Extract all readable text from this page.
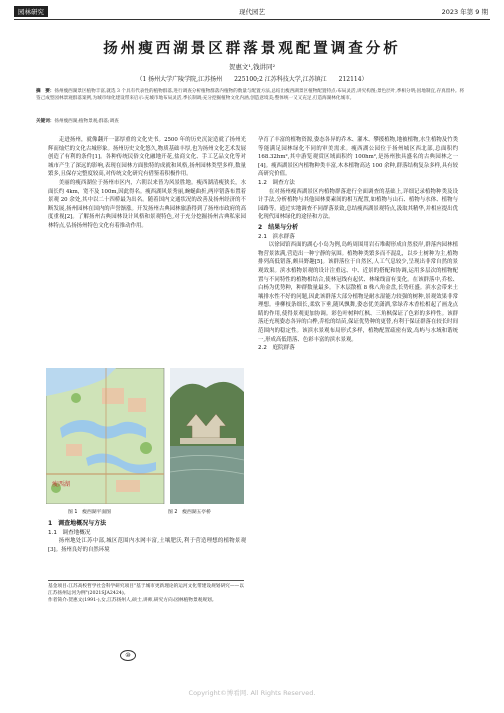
园林研究	现代园艺	2023 年第 9 期
扬州瘦西湖景区群落景观配置调查分析
贺惠文¹,钱讲同²
（1 扬州大学广陵学院,江苏扬州　　225100;2 江苏科技大学,江苏镇江　　212114）
摘　要：扬州瘦西湖景区植物丰富,就选 3 个具有代表性的植物群落,进行调查分析植物群落内植物的数量与配置方法,总结出瘦西湖景区植物配置特点:布局灵活,讲究构图;景色层叶,季相分明;因地制宜,存真留朴。将签己成型园林景观群落案例,为城市绿化建设带来启示:充城市地布局灵活,季长制调;充分挖掘植物文化内涵,创造意境美;整体统一又又充足,打造海湖林化城市。
关键词：扬州瘦西湖;植物景观;群落;调查

走进扬州，就像翻开一部厚重的文化史书。2500 年的历史沉淀造就了扬州光辉而灿烂的文化古城形象。扬州历史文化悠久,物质基础丰厚,也为扬州文化艺术发展创造了有利的条件[1]。各种传统民俗文化融地开花,盐商文化、手工艺品文化等对城市产生了深远的影响,表现在园林方面独特的成就和风格,扬州园林类型多样,数量繁多,且保存完整度较高,对传统文化研究有借鉴着积极作用。

美丽的瘦西湖位于扬州市区内，六朝以来皆为风景胜地。瘦西湖清瘦狭长，水面长约 4km，宽不及 100m,因此得名。瘦西湖风景秀丽,蜿蜒曲折,两岸错落布置着景观 20 余处,其中以二十四桥最为出名。随着国内文通状况的改善及扬州经济的不断发展,扬州园林在国内的声誉渐涨。开发扬州古典园林旅游得到了扬州市政府的高度重视[2]。了解扬州古典园林设计风格和景观特色,对于充分挖掘扬州古典私家园林特点,弘扬扬州特色文化有着推动作用。

瘦西湖
图 1　瘦西湖平面图	图 2　瘦西湖五亭桥
1　调查地概况与方法
1.1　调查地概况

扬州地处江苏中部,城区范围内水网丰富,土壤肥沃,利于营造理想的植物景观[3]。扬州良好的自然环境

基金项目:江苏高校哲学社会科学研究项目"基于城市更新理论的运河文化带建设规划研究——以江苏扬州运河为例"(2021SJA2424)。
作者简介:贺惠文(1991-),女,江苏扬州人,硕士,讲师,研究方向:园林植物景观规划。
⑩

孕育了丰富的植物资源,姿态各异的乔木、灌木、攀援植物,地被植物,水生植物及竹类等能满足园林绿化不同的审美需求。瘦西湖公园位于扬州城区西北部,总面积约 168.32hm²,其中游览观赏区域面积约 100hm²,是扬州独具盛名的古典园林之一[4]。瘦西湖景区内植物种类丰富,木本植物高达 100 余种,群落结构复杂多样,具有较高研究价值。

1.2　调查方法

在对扬州瘦西湖景区内植物群落进行全面调查的基础上,详细记录植物种类及设计手法,分析植物与其他园林要素间的相互配置,如植物与山石、植物与水体、植物与园路等。通过实地调查不同群落景致,总结瘦西湖景观特点,汲取其精华,并相应提出优化现代园林绿化的途径和方法。

2　结果与分析
2.1　滨水群落

以徐园馆西面的湖心小岛为例,岛屿周围用岩石堆砌形成自然驳岸,群落内园林植物营景浓满,营造出一种宁静的氛围。植物种类繁多而不混乱，以乡土树种为主,植物排列高低错落,颇具野趣[5]。该群落位于自然区,人工气息较少,呈现出非常自然的景观效果。滨水植物景观的设计注重远、中、近景的搭配和协调,运用多层次的植物配置与不同特性的植物相结合,使林冠线有起伏、林缘线富有变化。在该群落中,乔松、白杨为优势种，种群数量最多。下木层散植 8 株八角金盘,长势旺盛。滨水会带来土壤排水性不好的问题,因此该群落大部分植物是耐水湿能力较强的树种,景观效果非常理想。垂柳枝条细长,柔软下垂,随风飘舞,姿态优美潇洒,常绿乔木香松相起了画龙点睛的作用,使得景观更加协调。彩色叶树种红枫、三角枫保证了色彩的多样性。该群落还充现姿态各异的白桦,乔松的结苗,保证优势种的更替,有利于保证群落在较长时间范围内的稳定性。该滨水景观布局形式多样，植物配置疏密有致,岛屿与水域和谐统一,形成高低错落、色彩丰富的滨水景观。

2.2　庭院群落
Copyright©博看网. All Rights Reserved.
